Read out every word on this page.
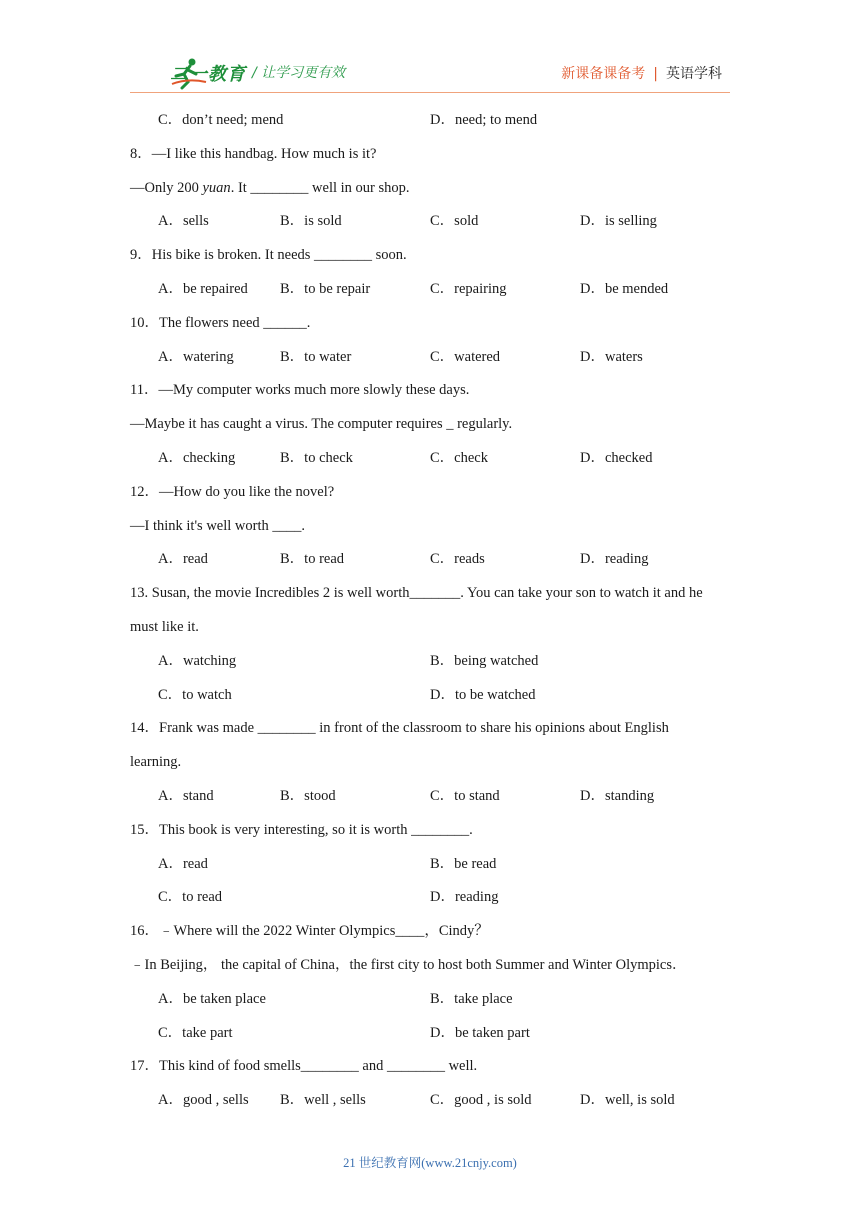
二一教育 / 让学习更有效	新课备课备考 | 英语学科
C．don’t need; mend	D．need; to mend
8．—I like this handbag. How much is it?
—Only 200 yuan. It ________ well in our shop.
A．sells	B．is sold	C．sold	D．is selling
9．His bike is broken. It needs ________ soon.
A．be repaired B．to be repair	C．repairing	D．be mended
10．The flowers need ______.
A．watering	B．to water	C．watered	D．waters
11．―My computer works much more slowly these days.
―Maybe it has caught a virus. The computer requires _ regularly.
A．checking	B．to check	C．check	D．checked
12．—How do you like the novel?
—I think it's well worth ____.
A．read	B．to read	C．reads	D．reading
13. Susan, the movie Incredibles 2 is well worth_______. You can take your son to watch it and he
must like it.
A．watching	B．being watched
C．to watch	D．to be watched
14．Frank was made ________ in front of the classroom to share his opinions about English
learning.
A．stand	B．stood	C．to stand	D．standing
15．This book is very interesting, so it is worth ________.
A．read	B．be read
C．to read	D．reading
16．﹣Where will the 2022 Winter Olympics____，Cindy？
﹣In Beijing， the capital of China，the first city to host both Summer and Winter Olympics．
A．be taken place	B．take place
C．take part	D．be taken part
17．This kind of food smells________ and ________ well.
A．good , sells B．well , sells	C．good , is sold	D．well, is sold
21 世纪教育网(www.21cnjy.com)
